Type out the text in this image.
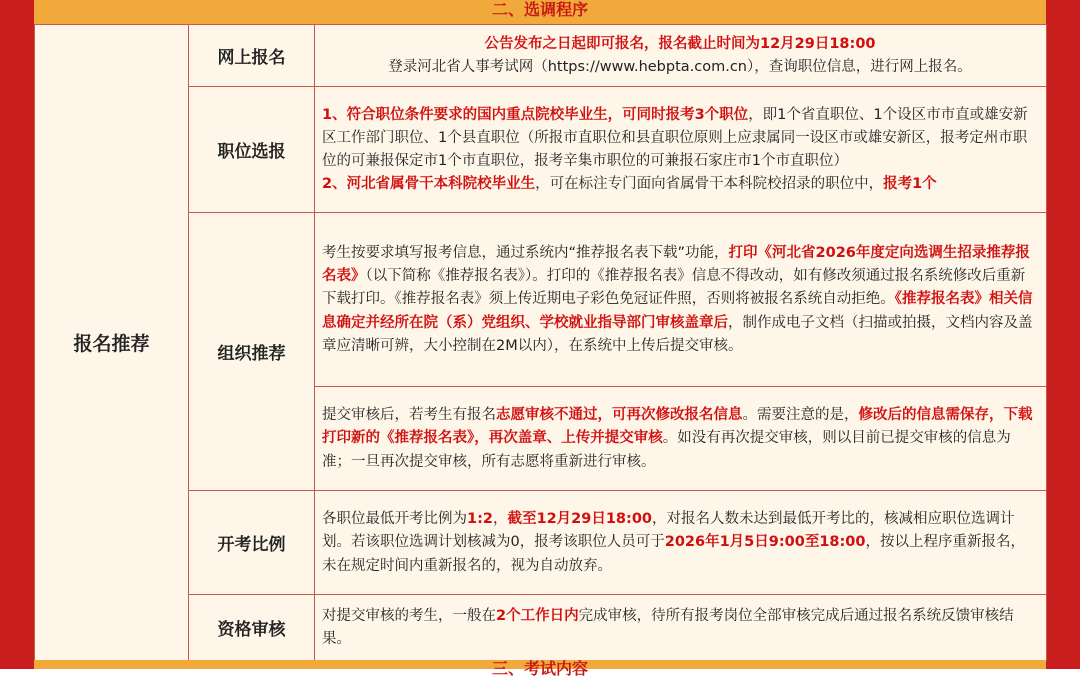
二、选调程序
报名推荐	网上报名	公告发布之日起即可报名，报名截止时间为12月29日18:00
登录河北省人事考试网（https://www.hebpta.com.cn），查询职位信息，进行网上报名。
	职位选报	1、符合职位条件要求的国内重点院校毕业生，可同时报考3个职位，即1个省直职位、1个设区市市直或雄安新区工作部门职位、1个县直职位（所报市直职位和县直职位原则上应隶属同一设区市或雄安新区，报考定州市职位的可兼报保定市1个市直职位，报考辛集市职位的可兼报石家庄市1个市直职位）
2、河北省属骨干本科院校毕业生，可在标注专门面向省属骨干本科院校招录的职位中，报考1个

	组织推荐	考生按要求填写报考信息，通过系统内“推荐报名表下载”功能，打印《河北省2026年度定向选调生招录推荐报名表》（以下简称《推荐报名表》）。打印的《推荐报名表》信息不得改动，如有修改须通过报名系统修改后重新下载打印。《推荐报名表》须上传近期电子彩色免冠证件照，否则将被报名系统自动拒绝。《推荐报名表》相关信息确定并经所在院（系）党组织、学校就业指导部门审核盖章后，制作成电子文档（扫描或拍摄，文档内容及盖章应清晰可辨，大小控制在2M以内），在系统中上传后提交审核。
		提交审核后，若考生有报名志愿审核不通过，可再次修改报名信息。需要注意的是，修改后的信息需保存，下载打印新的《推荐报名表》，再次盖章、上传并提交审核。如没有再次提交审核，则以目前已提交审核的信息为准；一旦再次提交审核，所有志愿将重新进行审核。
	开考比例	各职位最低开考比例为1:2，截至12月29日18:00，对报名人数未达到最低开考比的，核减相应职位选调计划。若该职位选调计划核减为0，报考该职位人员可于2026年1月5日9:00至18:00，按以上程序重新报名，未在规定时间内重新报名的，视为自动放弃。
	资格审核	对提交审核的考生，一般在2个工作日内完成审核，待所有报考岗位全部审核完成后通过报名系统反馈审核结果。
三、考试内容
